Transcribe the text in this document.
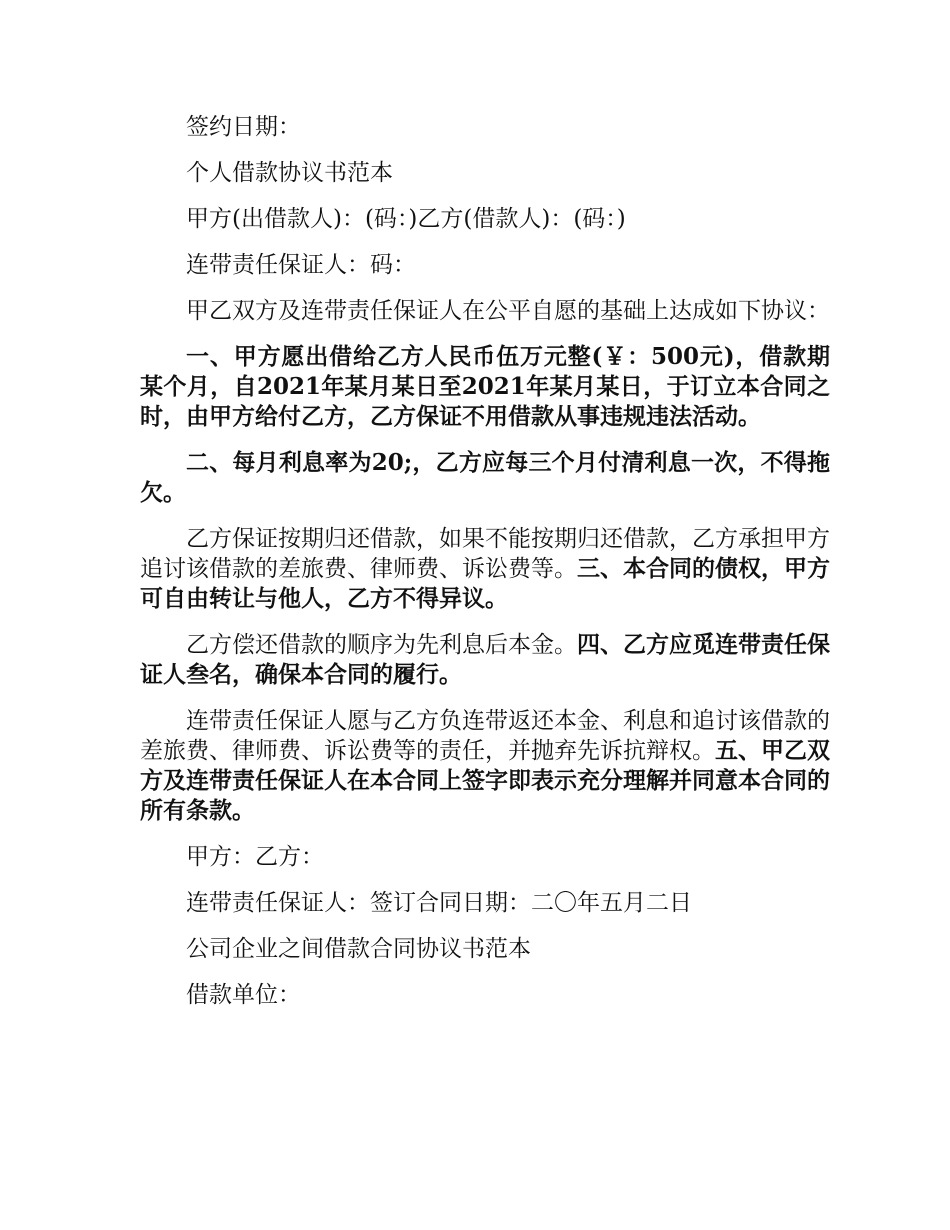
签约日期：

个人借款协议书范本

甲方(出借款人)：(码：)乙方(借款人)：(码：)

连带责任保证人：码：

甲乙双方及连带责任保证人在公平自愿的基础上达成如下协议：

一、甲方愿出借给乙方人民币伍万元整(￥：500元)，借款期某个月，自2021年某月某日至2021年某月某日，于订立本合同之时，由甲方给付乙方，乙方保证不用借款从事违规违法活动。

二、每月利息率为20;，乙方应每三个月付清利息一次，不得拖欠。

乙方保证按期归还借款，如果不能按期归还借款，乙方承担甲方追讨该借款的差旅费、律师费、诉讼费等。三、本合同的债权，甲方可自由转让与他人，乙方不得异议。

乙方偿还借款的顺序为先利息后本金。四、乙方应觅连带责任保证人叁名，确保本合同的履行。

连带责任保证人愿与乙方负连带返还本金、利息和追讨该借款的差旅费、律师费、诉讼费等的责任，并抛弃先诉抗辩权。五、甲乙双方及连带责任保证人在本合同上签字即表示充分理解并同意本合同的所有条款。

甲方：乙方：

连带责任保证人：签订合同日期：二〇年五月二日

公司企业之间借款合同协议书范本

借款单位：
